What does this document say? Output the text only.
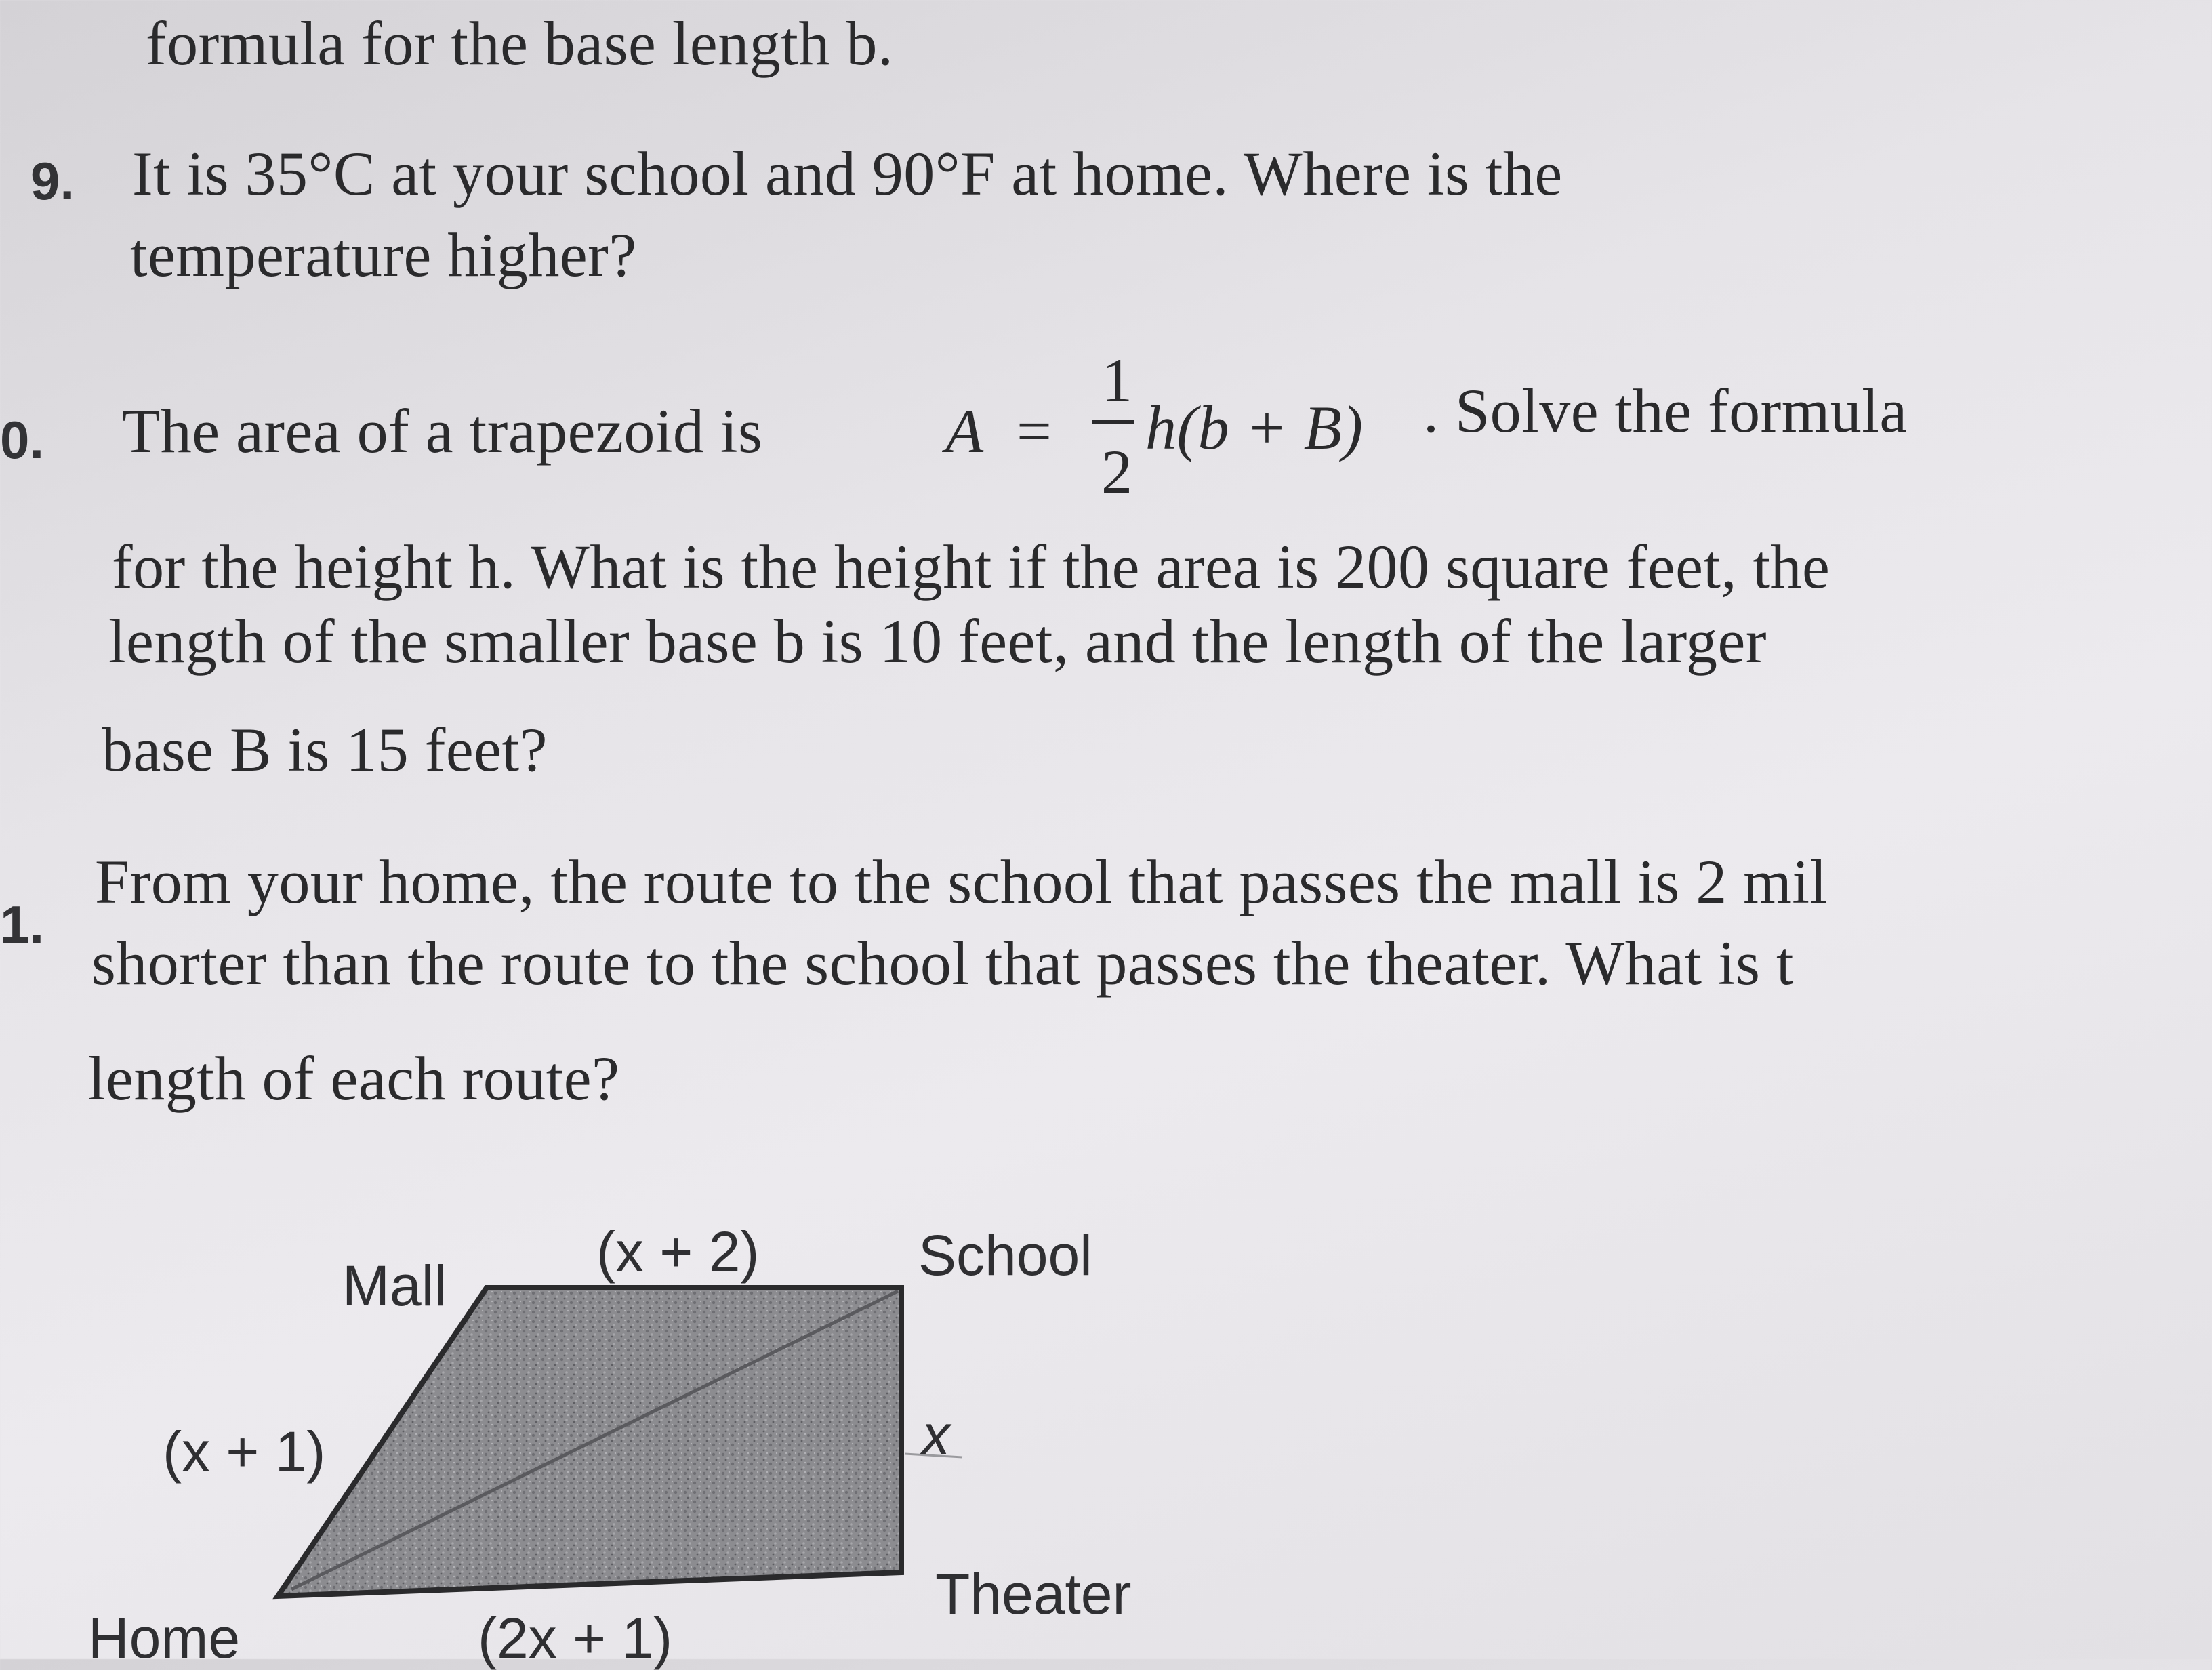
formula for the base length b.
9. It is 35°C at your school and 90°F at home. Where is the
temperature higher?
0. The area of a trapezoid is	A =
1
2
h(b + B) . Solve the formula
for the height h. What is the height if the area is 200 square feet, the
length of the smaller base b is 10 feet, and the length of the larger
base B is 15 feet?
1.
From your home, the route to the school that passes the mall is 2 mil
shorter than the route to the school that passes the theater. What is t
length of each route?
Mall
(x + 2)	School
(x + 1)	x
Theater
Home	(2x + 1)
